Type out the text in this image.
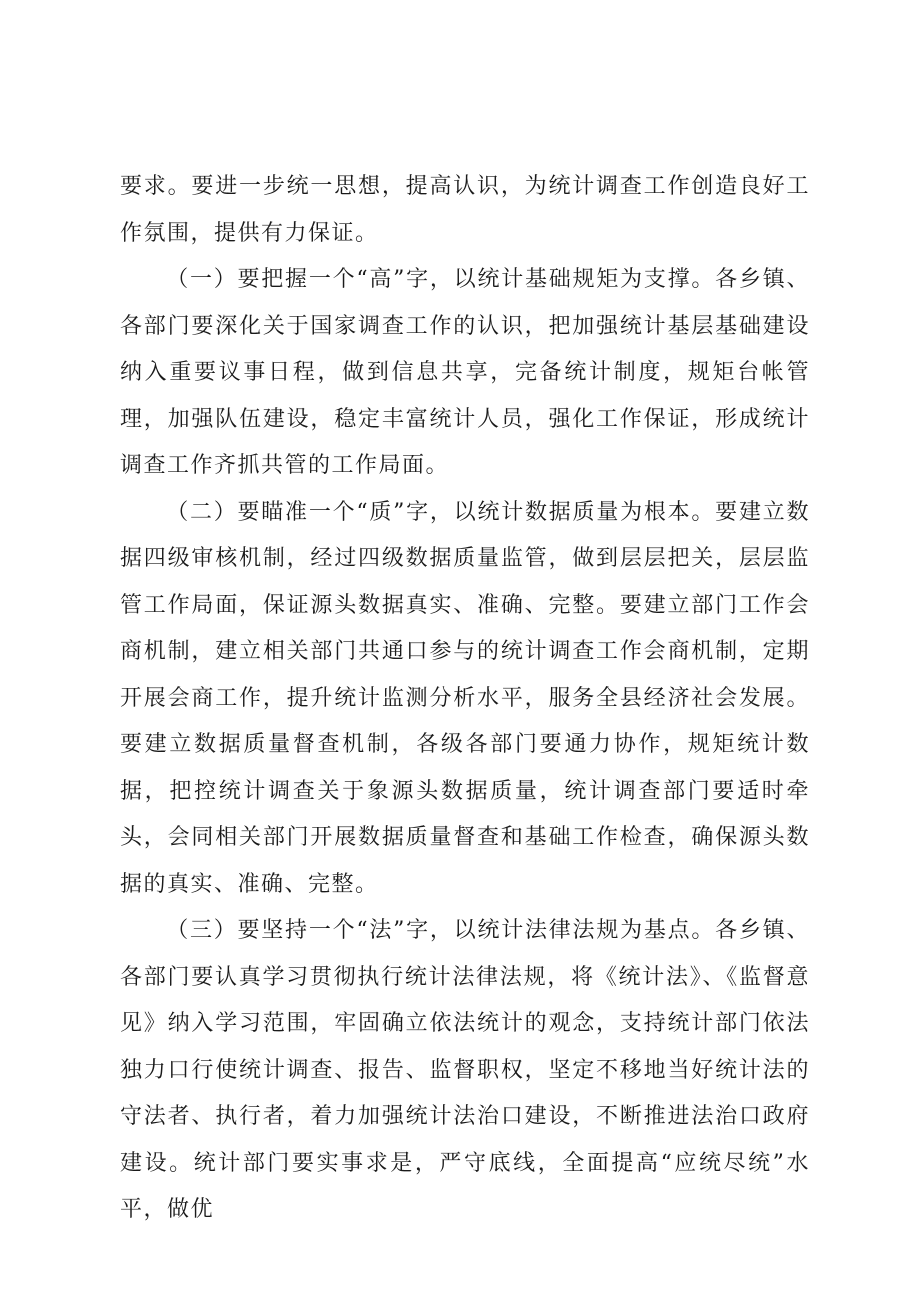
要求。要进一步统一思想，提高认识，为统计调查工作创造良好工作氛围，提供有力保证。

（一）要把握一个“高”字，以统计基础规矩为支撑。各乡镇、各部门要深化关于国家调查工作的认识，把加强统计基层基础建设纳入重要议事日程，做到信息共享，完备统计制度，规矩台帐管理，加强队伍建设，稳定丰富统计人员，强化工作保证，形成统计调查工作齐抓共管的工作局面。

（二）要瞄准一个“质”字，以统计数据质量为根本。要建立数据四级审核机制，经过四级数据质量监管，做到层层把关，层层监管工作局面，保证源头数据真实、准确、完整。要建立部门工作会商机制，建立相关部门共通口参与的统计调查工作会商机制，定期开展会商工作，提升统计监测分析水平，服务全县经济社会发展。要建立数据质量督查机制，各级各部门要通力协作，规矩统计数据，把控统计调查关于象源头数据质量，统计调查部门要适时牵头，会同相关部门开展数据质量督查和基础工作检查，确保源头数据的真实、准确、完整。

（三）要坚持一个“法”字，以统计法律法规为基点。各乡镇、各部门要认真学习贯彻执行统计法律法规，将《统计法》、《监督意见》纳入学习范围，牢固确立依法统计的观念，支持统计部门依法独力口行使统计调查、报告、监督职权，坚定不移地当好统计法的守法者、执行者，着力加强统计法治口建设，不断推进法治口政府建设。统计部门要实事求是，严守底线，全面提高“应统尽统”水平，做优
